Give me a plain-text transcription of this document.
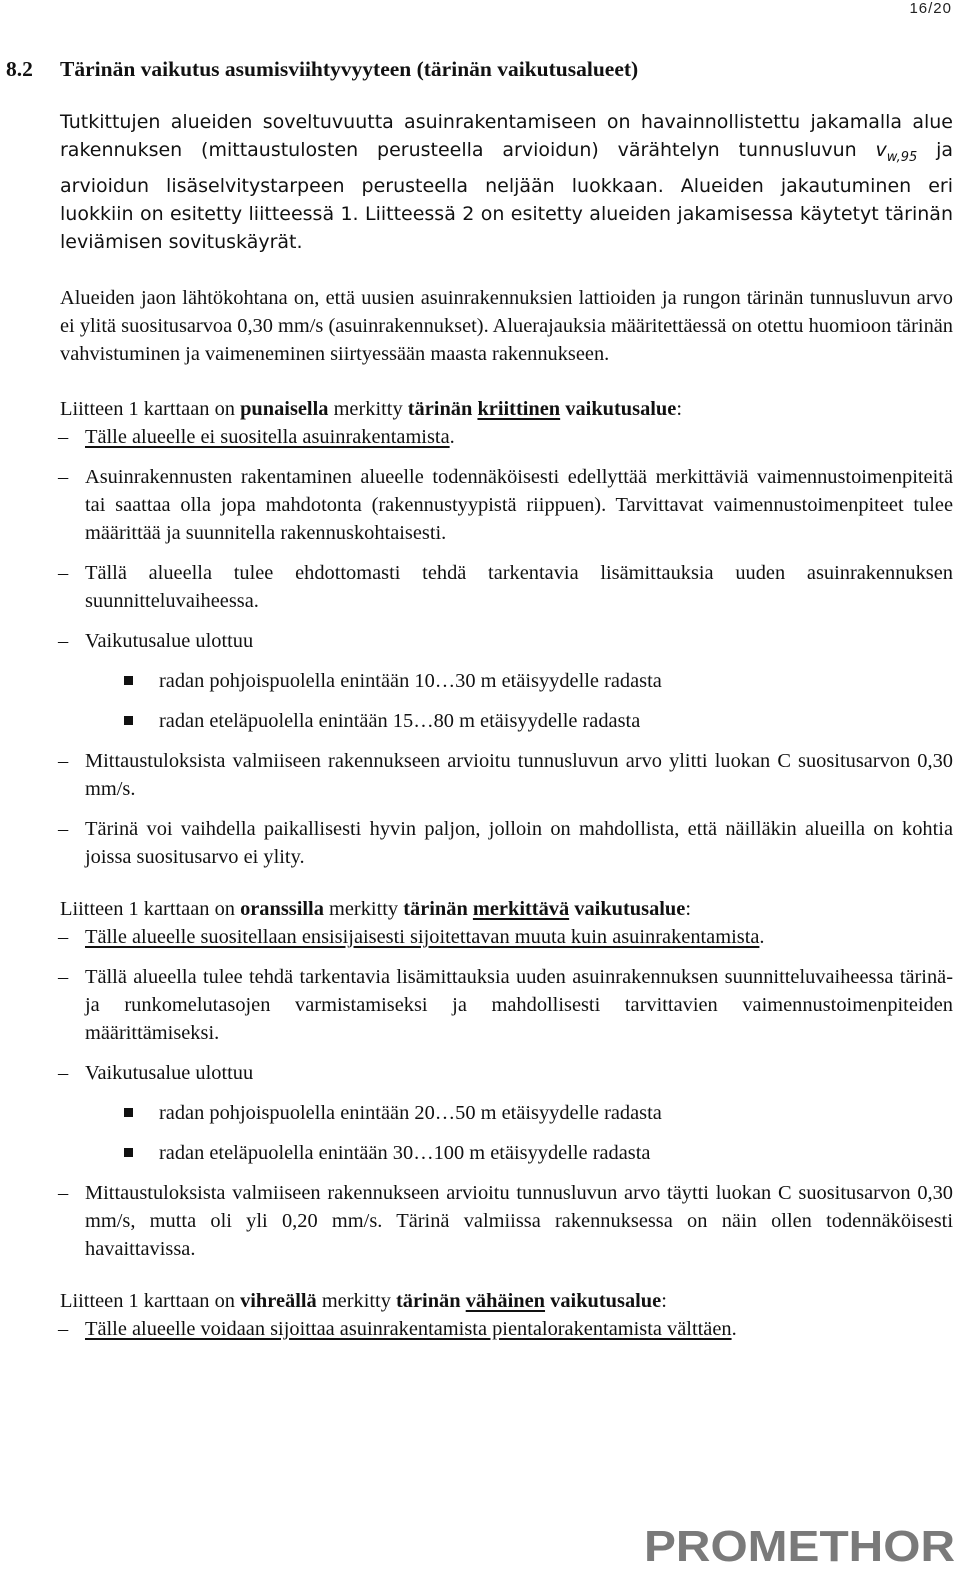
16/20
8.2 Tärinän vaikutus asumisviihtyvyyteen (tärinän vaikutusalueet)

Tutkittujen alueiden soveltuvuutta asuinrakentamiseen on havainnollistettu jakamalla alue rakennuksen (mittaustulosten perusteella arvioidun) värähtelyn tunnusluvun $v_{w,95}$ ja arvioidun lisäselvitystarpeen perusteella neljään luokkaan. Alueiden jakautuminen eri luokkiin on esitetty liitteessä 1. Liitteessä 2 on esitetty alueiden jakamisessa käytetyt tärinän leviämisen sovituskäyrät.

Alueiden jaon lähtökohtana on, että uusien asuinrakennuksien lattioiden ja rungon tärinän tunnusluvun arvo ei ylitä suositusarvoa 0,30 mm/s (asuinrakennukset). Aluerajauksia määritettäessä on otettu huomioon tärinän vahvistuminen ja vaimeneminen siirtyessään maasta rakennukseen.

Liitteen 1 karttaan on punaisella merkitty tärinän kriittinen vaikutusalue:

– Tälle alueelle ei suositella asuinrakentamista.
– Asuinrakennusten rakentaminen alueelle todennäköisesti edellyttää merkittäviä vaimennustoimenpiteitä tai saattaa olla jopa mahdotonta (rakennustyypistä riippuen). Tarvittavat vaimennustoimenpiteet tulee määrittää ja suunnitella rakennuskohtaisesti.
– Tällä alueella tulee ehdottomasti tehdä tarkentavia lisämittauksia uuden asuinrakennuksen suunnitteluvaiheessa.
– Vaikutusalue ulottuu
radan pohjoispuolella enintään 10…30 m etäisyydelle radasta
radan eteläpuolella enintään 15…80 m etäisyydelle radasta
– Mittaustuloksista valmiiseen rakennukseen arvioitu tunnusluvun arvo ylitti luokan C suositusarvon 0,30 mm/s.
– Tärinä voi vaihdella paikallisesti hyvin paljon, jolloin on mahdollista, että näilläkin alueilla on kohtia joissa suositusarvo ei ylity.

Liitteen 1 karttaan on oranssilla merkitty tärinän merkittävä vaikutusalue:

– Tälle alueelle suositellaan ensisijaisesti sijoitettavan muuta kuin asuinrakentamista.
– Tällä alueella tulee tehdä tarkentavia lisämittauksia uuden asuinrakennuksen suunnitteluvaiheessa tärinä- ja runkomelutasojen varmistamiseksi ja mahdollisesti tarvittavien vaimennustoimenpiteiden määrittämiseksi.
– Vaikutusalue ulottuu
radan pohjoispuolella enintään 20…50 m etäisyydelle radasta
radan eteläpuolella enintään 30…100 m etäisyydelle radasta
– Mittaustuloksista valmiiseen rakennukseen arvioitu tunnusluvun arvo täytti luokan C suositusarvon 0,30 mm/s, mutta oli yli 0,20 mm/s. Tärinä valmiissa rakennuksessa on näin ollen todennäköisesti havaittavissa.

Liitteen 1 karttaan on vihreällä merkitty tärinän vähäinen vaikutusalue:

– Tälle alueelle voidaan sijoittaa asuinrakentamista pientalorakentamista välttäen.
PROMETHOR
